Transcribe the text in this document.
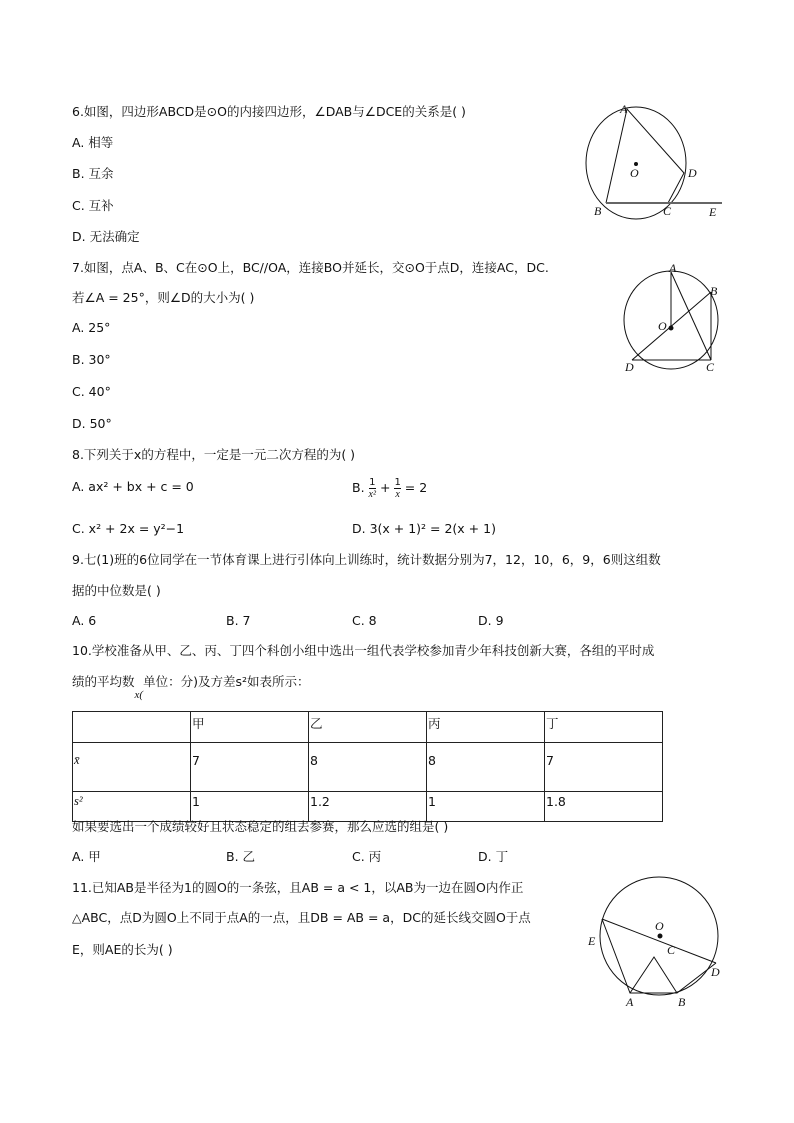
6.如图，四边形ABCD是⊙O的内接四边形，∠DAB与∠DCE的关系是( )
A. 相等
B. 互余
C. 互补
D. 无法确定
7.如图，点A、B、C在⊙O上，BC//OA，连接BO并延长，交⊙O于点D，连接AC，DC.
若∠A = 25°，则∠D的大小为( )
A. 25°
B. 30°
C. 40°
D. 50°
8.下列关于x的方程中，一定是一元二次方程的为( )
A. ax² + bx + c = 0	B. $\frac{1}{\text{x²}} + \frac{1}{x} = 2$
C. x² + 2x = y²−1	D. 3(x + 1)² = 2(x + 1)
9.七(1)班的6位同学在一节体育课上进行引体向上训练时，统计数据分别为7，12，10，6，9，6则这组数
据的中位数是( )
A. 6	B. 7	C. 8	D. 9
10.学校准备从甲、乙、丙、丁四个科创小组中选出一组代表学校参加青少年科技创新大赛，各组的平时成
绩的平均数x(单位：分)及方差s²如表所示：
	甲	乙	丙	丁
x̄	7	8	8	7
s²	1	1.2	1	1.8
如果要选出一个成绩较好且状态稳定的组去参赛，那么应选的组是( )
A. 甲	B. 乙	C. 丙	D. 丁
11.已知AB是半径为1的圆O的一条弦，且AB = a < 1，以AB为一边在圆O内作正
△ABC，点D为圆O上不同于点A的一点，且DB = AB = a，DC的延长线交圆O于点
E，则AE的长为( )
A
B	C
D
E
O
A
B
C
D
O
O
C
E
D
A	B
